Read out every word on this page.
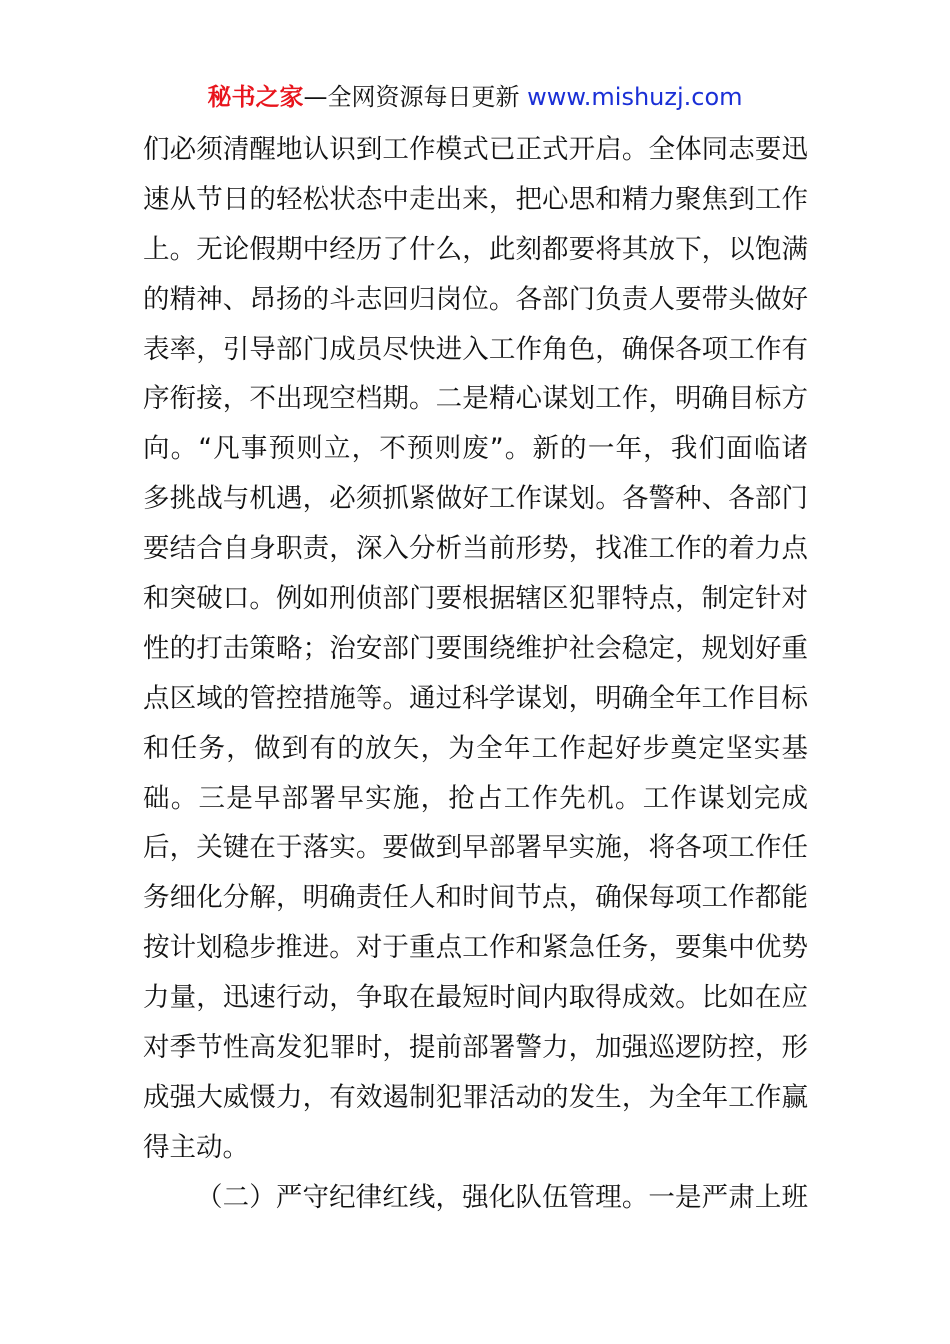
秘书之家—全网资源每日更新 www.mishuzj.com
们必须清醒地认识到工作模式已正式开启。全体同志要迅
速从节日的轻松状态中走出来，把心思和精力聚焦到工作
上。无论假期中经历了什么，此刻都要将其放下，以饱满
的精神、昂扬的斗志回归岗位。各部门负责人要带头做好
表率，引导部门成员尽快进入工作角色，确保各项工作有
序衔接，不出现空档期。二是精心谋划工作，明确目标方
向。“凡事预则立，不预则废”。新的一年，我们面临诸
多挑战与机遇，必须抓紧做好工作谋划。各警种、各部门
要结合自身职责，深入分析当前形势，找准工作的着力点
和突破口。例如刑侦部门要根据辖区犯罪特点，制定针对
性的打击策略；治安部门要围绕维护社会稳定，规划好重
点区域的管控措施等。通过科学谋划，明确全年工作目标
和任务，做到有的放矢，为全年工作起好步奠定坚实基
础。三是早部署早实施，抢占工作先机。工作谋划完成
后，关键在于落实。要做到早部署早实施，将各项工作任
务细化分解，明确责任人和时间节点，确保每项工作都能
按计划稳步推进。对于重点工作和紧急任务，要集中优势
力量，迅速行动，争取在最短时间内取得成效。比如在应
对季节性高发犯罪时，提前部署警力，加强巡逻防控，形
成强大威慑力，有效遏制犯罪活动的发生，为全年工作赢
得主动。
（二）严守纪律红线，强化队伍管理。一是严肃上班
